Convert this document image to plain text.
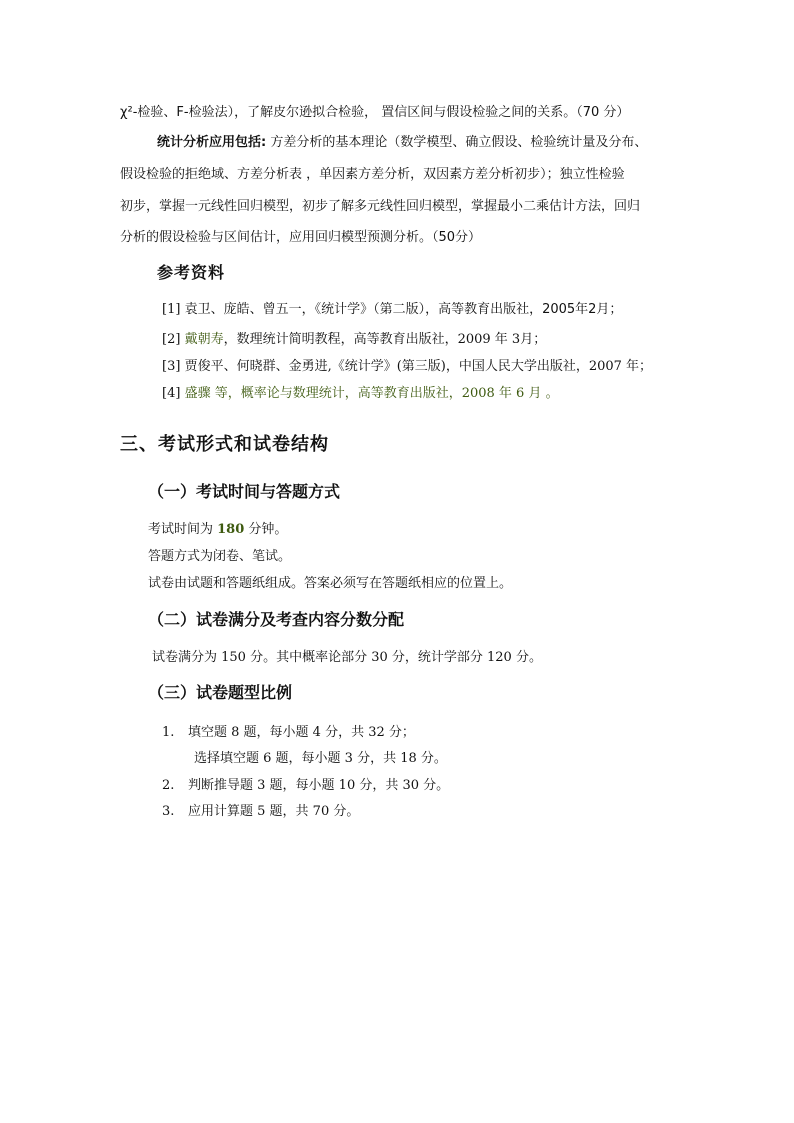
χ²-检验、F-检验法），了解皮尔逊拟合检验， 置信区间与假设检验之间的关系。（70 分）
统计分析应用包括: 方差分析的基本理论（数学模型、确立假设、检验统计量及分布、
假设检验的拒绝域、方差分析表 ，单因素方差分析，双因素方差分析初步）；独立性检验
初步，掌握一元线性回归模型，初步了解多元线性回归模型，掌握最小二乘估计方法，回归
分析的假设检验与区间估计，应用回归模型预测分析。（50分）
参考资料
[1] 袁卫、庞皓、曾五一，《统计学》（第二版），高等教育出版社，2005年2月；
[2] 戴朝寿，数理统计简明教程，高等教育出版社，2009 年 3月；
[3] 贾俊平、何晓群、金勇进,《统计学》(第三版)，中国人民大学出版社，2007 年；
[4] 盛骤 等，概率论与数理统计，高等教育出版社，2008 年 6 月 。
三、考试形式和试卷结构
（一）考试时间与答题方式
考试时间为 180 分钟。
答题方式为闭卷、笔试。
试卷由试题和答题纸组成。答案必须写在答题纸相应的位置上。
（二）试卷满分及考查内容分数分配
试卷满分为 150 分。其中概率论部分 30 分，统计学部分 120 分。
（三）试卷题型比例
1. 填空题 8 题，每小题 4 分，共 32 分；
选择填空题 6 题，每小题 3 分，共 18 分。
2. 判断推导题 3 题，每小题 10 分，共 30 分。
3. 应用计算题 5 题，共 70 分。
